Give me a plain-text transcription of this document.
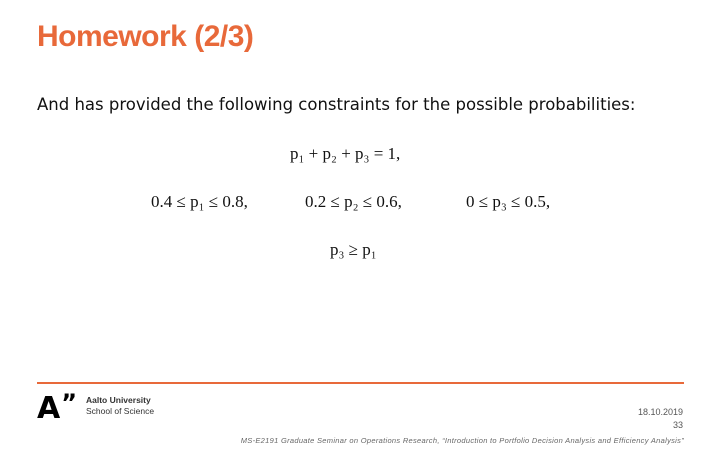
Homework (2/3)
And has provided the following constraints for the possible probabilities:
p₁ + p₂ + p₃ = 1,
0.4 ≤ p₁ ≤ 0.8,	0.2 ≤ p₂ ≤ 0.6,	0 ≤ p₃ ≤ 0.5,
p₃ ≥ p₁
A ” Aalto University
School of Science	18.10.2019
33
MS-E2191 Graduate Seminar on Operations Research, “Introduction to Portfolio Decision Analysis and Efficiency Analysis”
